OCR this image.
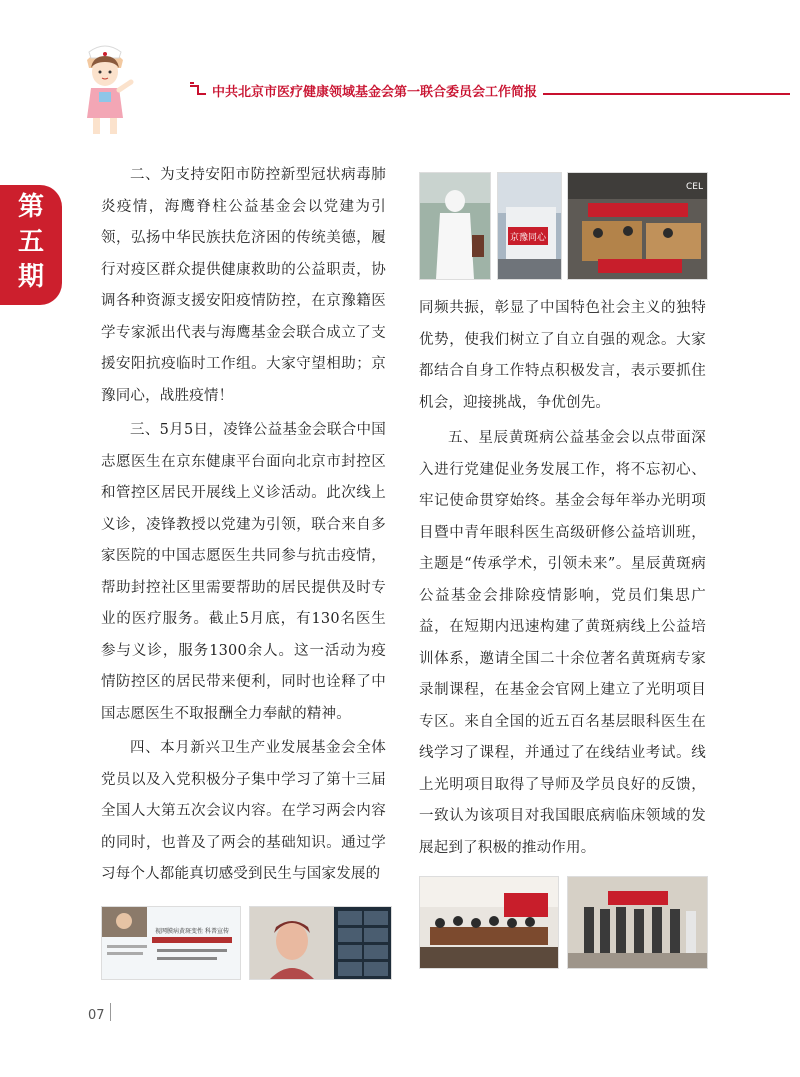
中共北京市医疗健康领域基金会第一联合委员会工作简报
第
五
期

二、为支持安阳市防控新型冠状病毒肺炎疫情，海鹰脊柱公益基金会以党建为引领，弘扬中华民族扶危济困的传统美德，履行对疫区群众提供健康救助的公益职责，协调各种资源支援安阳疫情防控，在京豫籍医学专家派出代表与海鹰基金会联合成立了支援安阳抗疫临时工作组。大家守望相助；京豫同心，战胜疫情！

三、5月5日，凌锋公益基金会联合中国志愿医生在京东健康平台面向北京市封控区和管控区居民开展线上义诊活动。此次线上义诊，凌锋教授以党建为引领，联合来自多家医院的中国志愿医生共同参与抗击疫情，帮助封控社区里需要帮助的居民提供及时专业的医疗服务。截止5月底，有130名医生参与义诊，服务1300余人。这一活动为疫情防控区的居民带来便利，同时也诠释了中国志愿医生不取报酬全力奉献的精神。

四、本月新兴卫生产业发展基金会全体党员以及入党积极分子集中学习了第十三届全国人大第五次会议内容。在学习两会内容的同时，也普及了两会的基础知识。通过学习每个人都能真切感受到民生与国家发展的

京豫同心
CEL

同频共振，彰显了中国特色社会主义的独特优势，使我们树立了自立自强的观念。大家都结合自身工作特点积极发言，表示要抓住机会，迎接挑战，争优创先。

五、星辰黄斑病公益基金会以点带面深入进行党建促业务发展工作，将不忘初心、牢记使命贯穿始终。基金会每年举办光明项目暨中青年眼科医生高级研修公益培训班，主题是“传承学术，引领未来”。星辰黄斑病公益基金会排除疫情影响，党员们集思广益，在短期内迅速构建了黄斑病线上公益培训体系，邀请全国二十余位著名黄斑病专家录制课程，在基金会官网上建立了光明项目专区。来自全国的近五百名基层眼科医生在线学习了课程，并通过了在线结业考试。线上光明项目取得了导师及学员良好的反馈，一致认为该项目对我国眼底病临床领域的发展起到了积极的推动作用。

视网膜病黄斑变性 科普宣传
07
